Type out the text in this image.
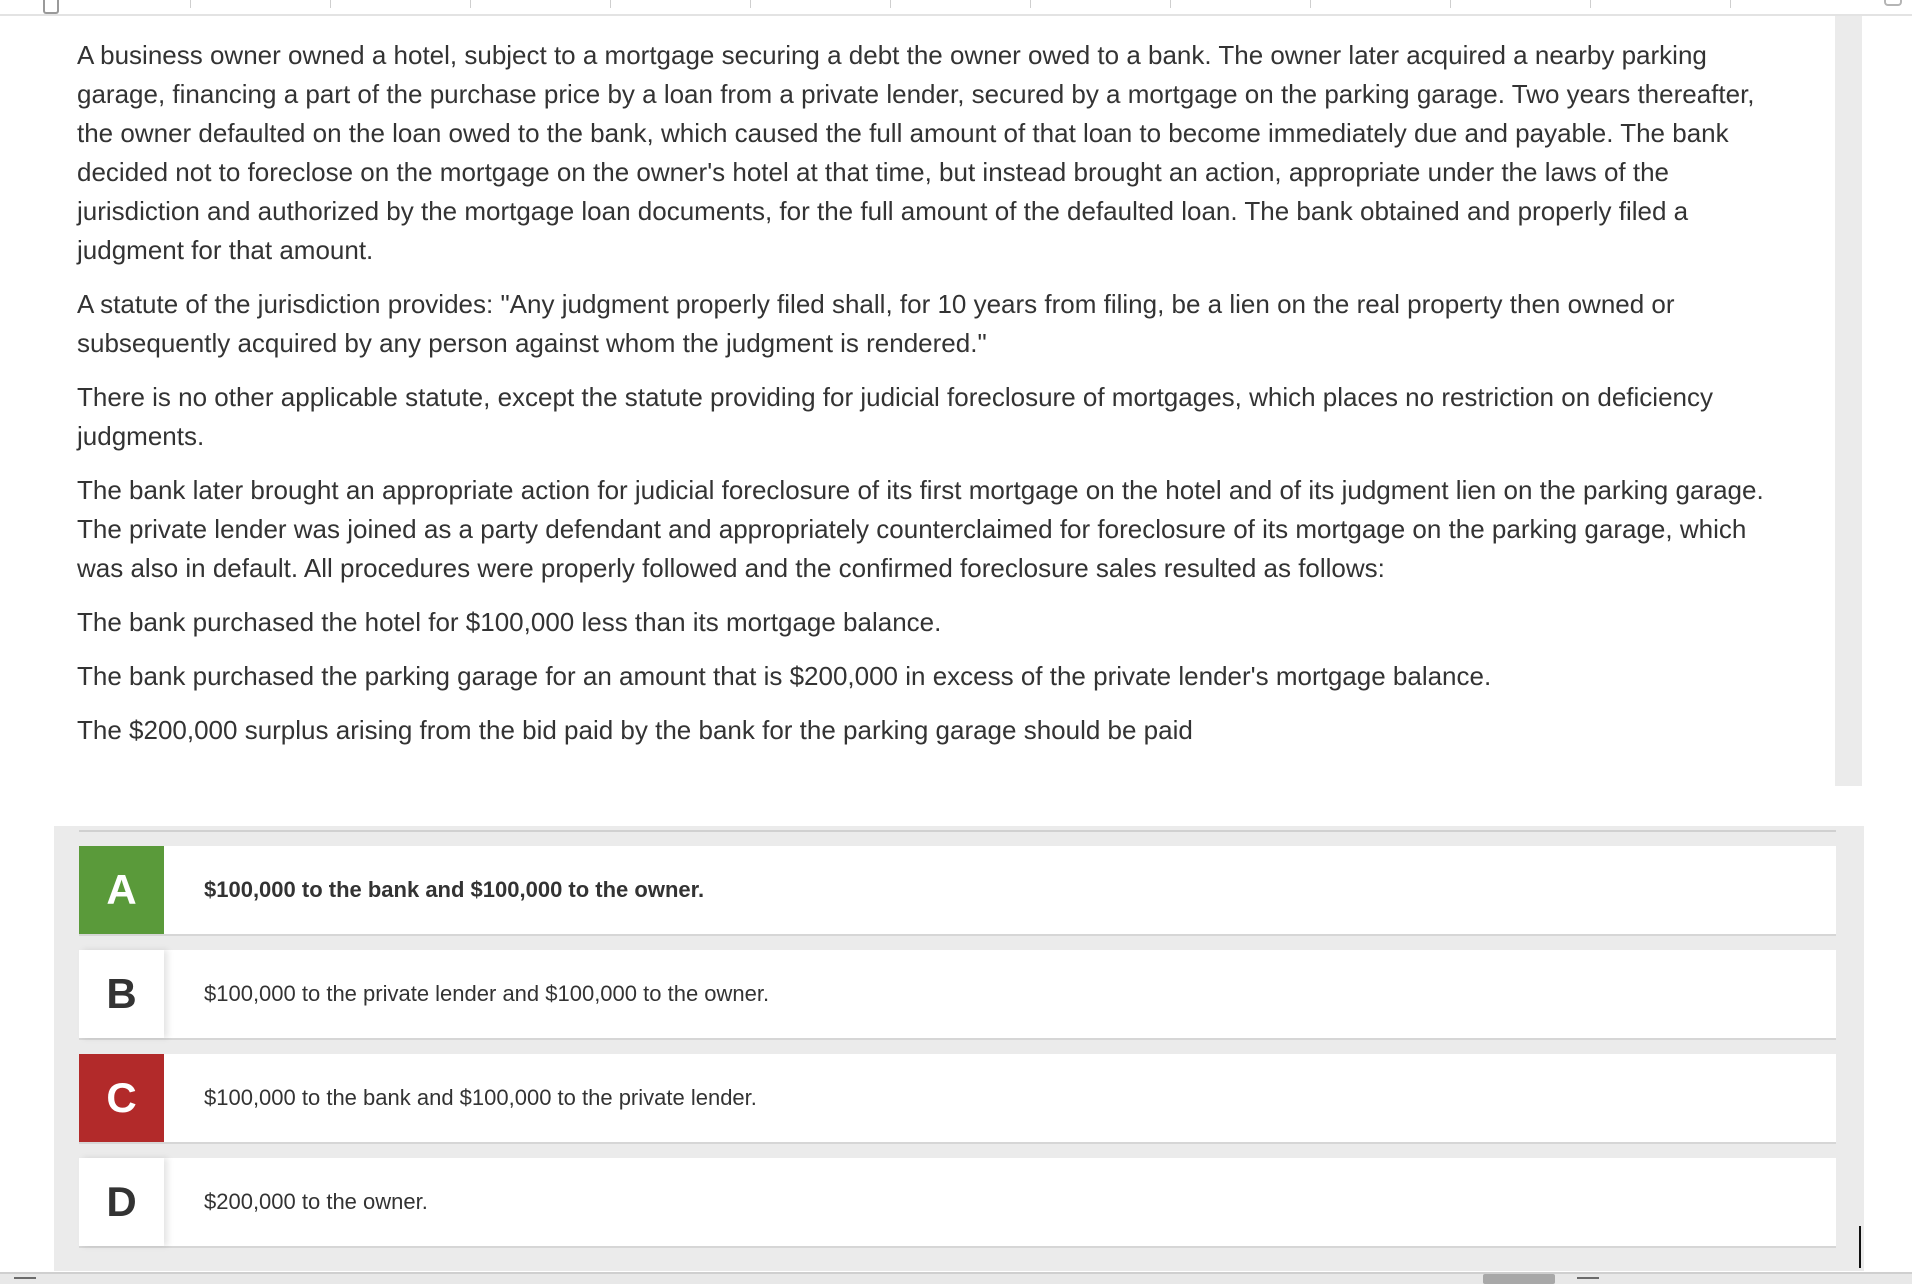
A business owner owned a hotel, subject to a mortgage securing a debt the owner owed to a bank. The owner later acquired a nearby parking garage, financing a part of the purchase price by a loan from a private lender, secured by a mortgage on the parking garage. Two years thereafter, the owner defaulted on the loan owed to the bank, which caused the full amount of that loan to become immediately due and payable. The bank decided not to foreclose on the mortgage on the owner's hotel at that time, but instead brought an action, appropriate under the laws of the jurisdiction and authorized by the mortgage loan documents, for the full amount of the defaulted loan. The bank obtained and properly filed a judgment for that amount.

A statute of the jurisdiction provides: "Any judgment properly filed shall, for 10 years from filing, be a lien on the real property then owned or subsequently acquired by any person against whom the judgment is rendered."

There is no other applicable statute, except the statute providing for judicial foreclosure of mortgages, which places no restriction on deficiency judgments.

The bank later brought an appropriate action for judicial foreclosure of its first mortgage on the hotel and of its judgment lien on the parking garage. The private lender was joined as a party defendant and appropriately counterclaimed for foreclosure of its mortgage on the parking garage, which was also in default. All procedures were properly followed and the confirmed foreclosure sales resulted as follows:

The bank purchased the hotel for $100,000 less than its mortgage balance.

The bank purchased the parking garage for an amount that is $200,000 in excess of the private lender's mortgage balance.

The $200,000 surplus arising from the bid paid by the bank for the parking garage should be paid

A	$100,000 to the bank and $100,000 to the owner.
B	$100,000 to the private lender and $100,000 to the owner.
C	$100,000 to the bank and $100,000 to the private lender.
D	$200,000 to the owner.
